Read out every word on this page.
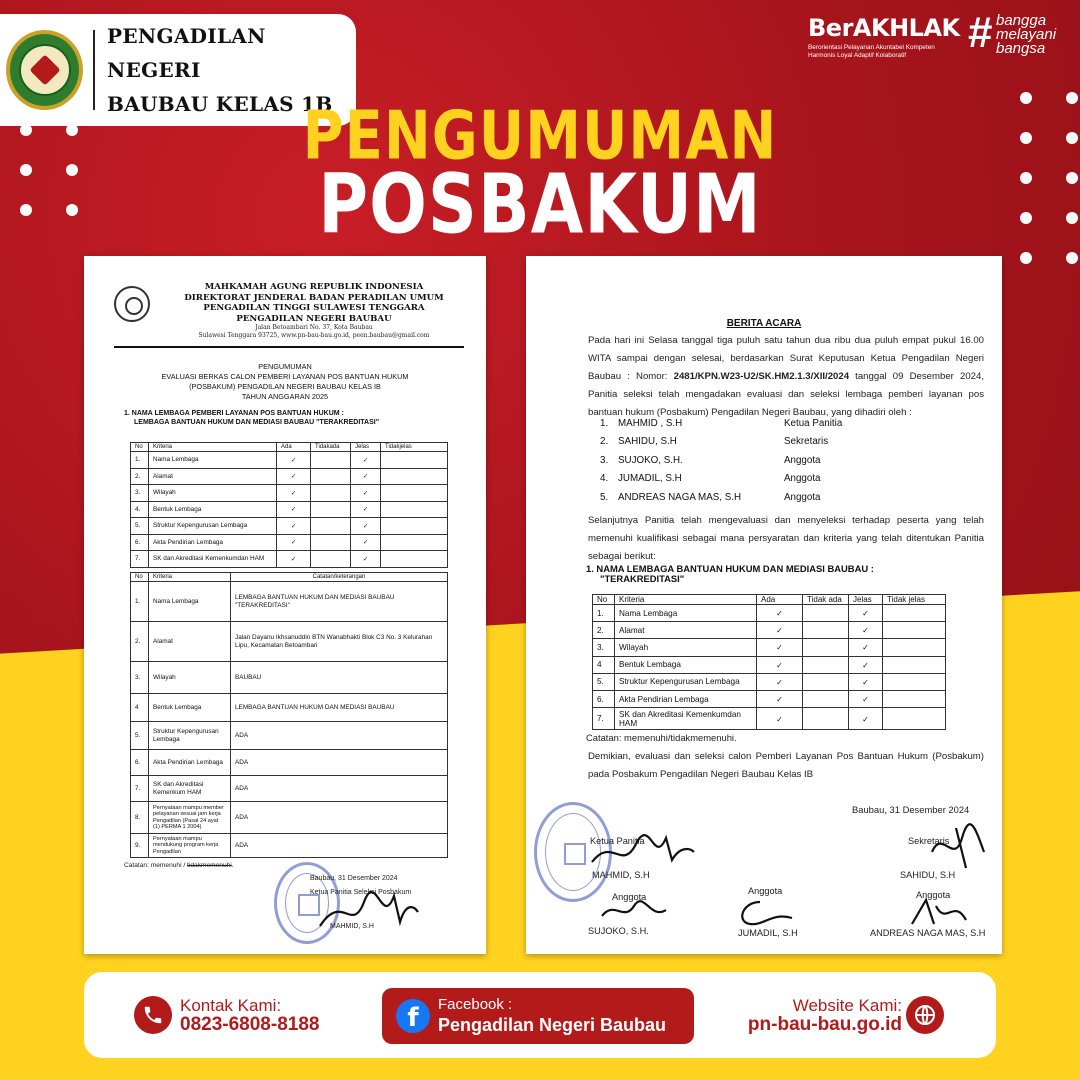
PENGADILAN NEGERI
BAUBAU KELAS 1B
BerAKHLAK
Berorientasi Pelayanan Akuntabel Kompeten
Harmonis Loyal Adaptif Kolaboratif	# bangga
melayani
bangsa
PENGUMUMAN
POSBAKUM
MAHKAMAH AGUNG REPUBLIK INDONESIA
DIREKTORAT JENDERAL BADAN PERADILAN UMUM
PENGADILAN TINGGI SULAWESI TENGGARA
PENGADILAN NEGERI BAUBAU
Jalan Betoambari No. 37, Kota Baubau
Sulawesi Tenggara 93725, www.pn-bau-bau.go.id, peen.baubau@gmail.com
PENGUMUMAN
EVALUASI BERKAS CALON PEMBERI LAYANAN POS BANTUAN HUKUM
(POSBAKUM) PENGADILAN NEGERI BAUBAU KELAS IB
TAHUN ANGGARAN 2025
1. NAMA LEMBAGA PEMBERI LAYANAN POS BANTUAN HUKUM :
LEMBAGA BANTUAN HUKUM DAN MEDIASI BAUBAU "TERAKREDITASI"
No	Kriteria	Ada	Tidakada	Jelas	Tidakjelas
1.	Nama Lembaga	✓		✓	
2.	Alamat	✓		✓	
3.	Wilayah	✓		✓	
4.	Bentuk Lembaga	✓		✓	
5.	Struktur Kepengurusan Lembaga	✓		✓	
6.	Akta Pendirian Lembaga	✓		✓	
7.	SK dan Akreditasi Kemenkumdan HAM	✓		✓	
No	Kriteria	Catatan/keterangan
1.	Nama Lembaga	LEMBAGA BANTUAN HUKUM DAN MEDIASI BAUBAU "TERAKREDITASI"
2.	Alamat	Jalan Dayanu Ikhsanuddin BTN Wanabhakti Blok C3 No. 3 Kelurahan Lipu, Kecamatan Betoambari
3.	Wilayah	BAUBAU
4	Bentuk Lembaga	LEMBAGA BANTUAN HUKUM DAN MEDIASI BAUBAU
5.	Struktur Kepengurusan Lembaga	ADA
6.	Akta Pendirian Lembaga	ADA
7.	SK dan Akreditasi Kemenkum HAM	ADA
8.	Pernyataan mampu member pelayanan sesuai jam kerja Pengadilan (Pasal 24 ayat (1) PERMA 1 2004)	ADA
9.	Pernyataan mampu mendukung program kerja Pengadilan	ADA
Catatan: memenuhi / tidakmemenuhi.
Baubau, 31 Desember 2024
Ketua Panitia Seleksi Posbakum
MAHMID, S.H
BERITA ACARA
Pada hari ini Selasa tanggal tiga puluh satu tahun dua ribu dua puluh empat pukul 16.00 WITA sampai dengan selesai, berdasarkan Surat Keputusan Ketua Pengadilan Negeri Baubau : Nomor: 2481/KPN.W23-U2/SK.HM2.1.3/XII/2024 tanggal 09 Desember 2024, Panitia seleksi telah mengadakan evaluasi dan seleksi lembaga pemberi layanan pos bantuan hukum (Posbakum) Pengadilan Negeri Baubau, yang dihadiri oleh :
1.	MAHMID , S.H	Ketua Panitia
2.	SAHIDU, S.H	Sekretaris
3.	SUJOKO, S.H.	Anggota
4.	JUMADIL, S.H	Anggota
5.	ANDREAS NAGA MAS, S.H	Anggota
Selanjutnya Panitia telah mengevaluasi dan menyeleksi terhadap peserta yang telah memenuhi kualifikasi sebagai mana persyaratan dan kriteria yang telah ditentukan Panitia sebagai berikut:
1. NAMA LEMBAGA BANTUAN HUKUM DAN MEDIASI BAUBAU :
"TERAKREDITASI"
No	Kriteria	Ada	Tidak ada	Jelas	Tidak jelas
1.	Nama Lembaga	✓		✓	
2.	Alamat	✓		✓	
3.	Wilayah	✓		✓	
4	Bentuk Lembaga	✓		✓	
5.	Struktur Kepengurusan Lembaga	✓		✓	
6.	Akta Pendirian Lembaga	✓		✓	
7.	SK dan Akreditasi Kemenkumdan HAM	✓		✓	
Catatan: memenuhi/tidakmemenuhi.
Demikian, evaluasi dan seleksi calon Pemberi Layanan Pos Bantuan Hukum (Posbakum) pada Posbakum Pengadilan Negeri Baubau Kelas IB
Baubau, 31 Desember 2024
Ketua Panitia
MAHMID, S.H
Sekretaris
SAHIDU, S.H
Anggota
SUJOKO, S.H.
Anggota
JUMADIL, S.H
Anggota
ANDREAS NAGA MAS, S.H
Kontak Kami:
0823-6808-8188	f	Facebook :
Pengadilan Negeri Baubau
Website Kami:
pn-bau-bau.go.id
